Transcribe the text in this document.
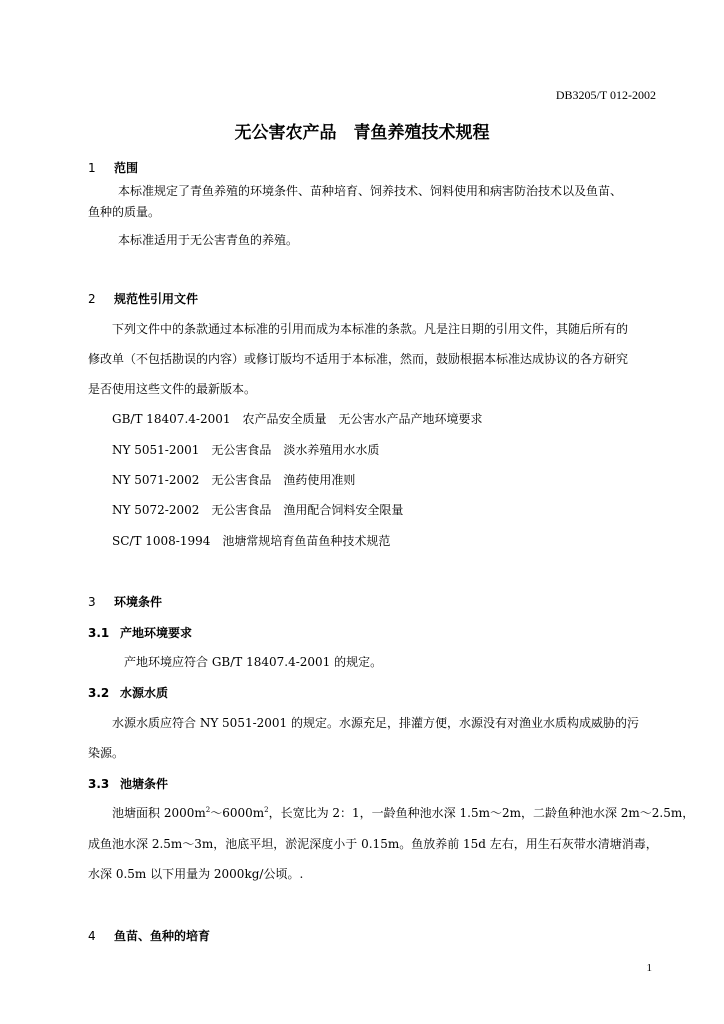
DB3205/T 012-2002
无公害农产品　青鱼养殖技术规程
1 范围
本标准规定了青鱼养殖的环境条件、苗种培育、饲养技术、饲料使用和病害防治技术以及鱼苗、
鱼种的质量。
本标准适用于无公害青鱼的养殖。
2 规范性引用文件
下列文件中的条款通过本标准的引用而成为本标准的条款。凡是注日期的引用文件，其随后所有的
修改单（不包括勘误的内容）或修订版均不适用于本标准，然而，鼓励根据本标准达成协议的各方研究
是否使用这些文件的最新版本。
GB/T 18407.4-2001　农产品安全质量　无公害水产品产地环境要求
NY 5051-2001　无公害食品　淡水养殖用水水质
NY 5071-2002　无公害食品　渔药使用准则
NY 5072-2002　无公害食品　渔用配合饲料安全限量
SC/T 1008-1994　池塘常规培育鱼苗鱼种技术规范
3 环境条件
3.1 产地环境要求
产地环境应符合 GB/T 18407.4-2001 的规定。
3.2 水源水质
水源水质应符合 NY 5051-2001 的规定。水源充足，排灌方便，水源没有对渔业水质构成威胁的污
染源。
3.3 池塘条件
池塘面积 $2000m^2\sim 6000m^2$，长宽比为 2：1，一龄鱼种池水深 1.5m～2m，二龄鱼种池水深 2m～2.5m，
成鱼池水深 2.5m～3m，池底平坦，淤泥深度小于 0.15m。鱼放养前 15d 左右，用生石灰带水清塘消毒，
水深 0.5m 以下用量为 2000kg/公顷。.
4 鱼苗、鱼种的培育
1
